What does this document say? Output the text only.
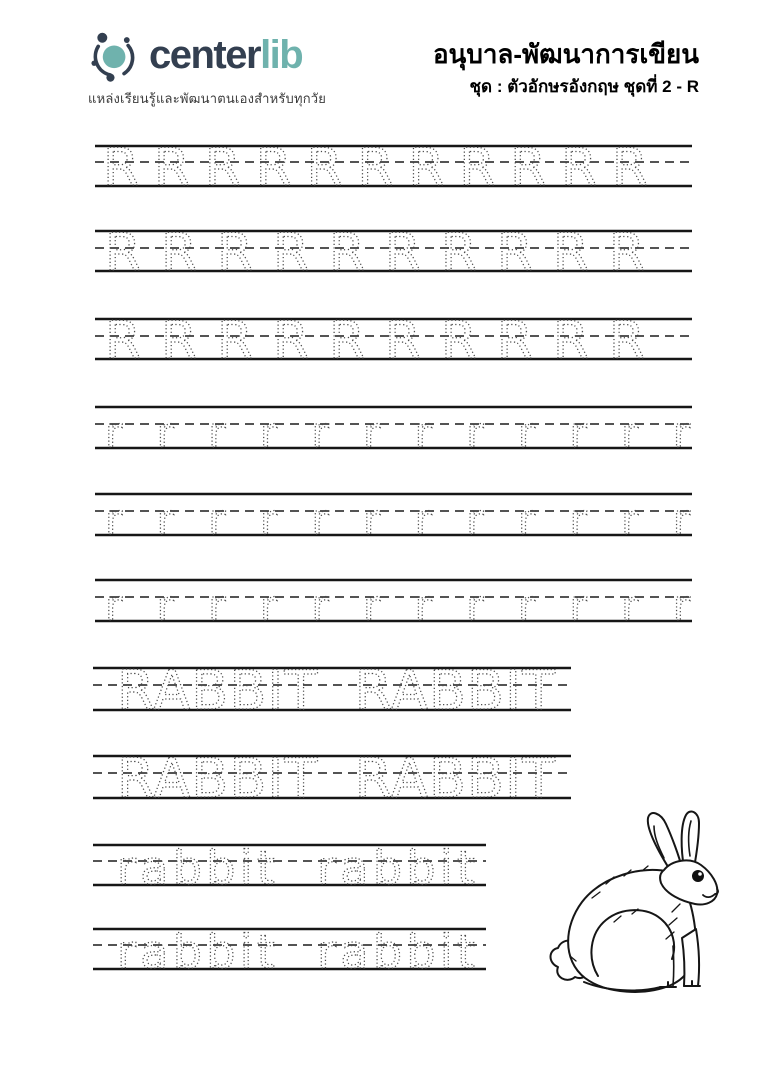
centerlib
แหล่งเรียนรู้และพัฒนาตนเองสำหรับทุกวัย
อนุบาล-พัฒนาการเขียน
ชุด : ตัวอักษรอังกฤษ ชุดที่ 2 - R
RRRRRRRRRRR
RRRRRRRRRR
RRRRRRRRRR
rrrrrrrrrrrr
rrrrrrrrrrrr
rrrrrrrrrrrr
RABBIT  RABBIT
RABBIT  RABBIT
rabbit  rabbit
rabbit  rabbit
